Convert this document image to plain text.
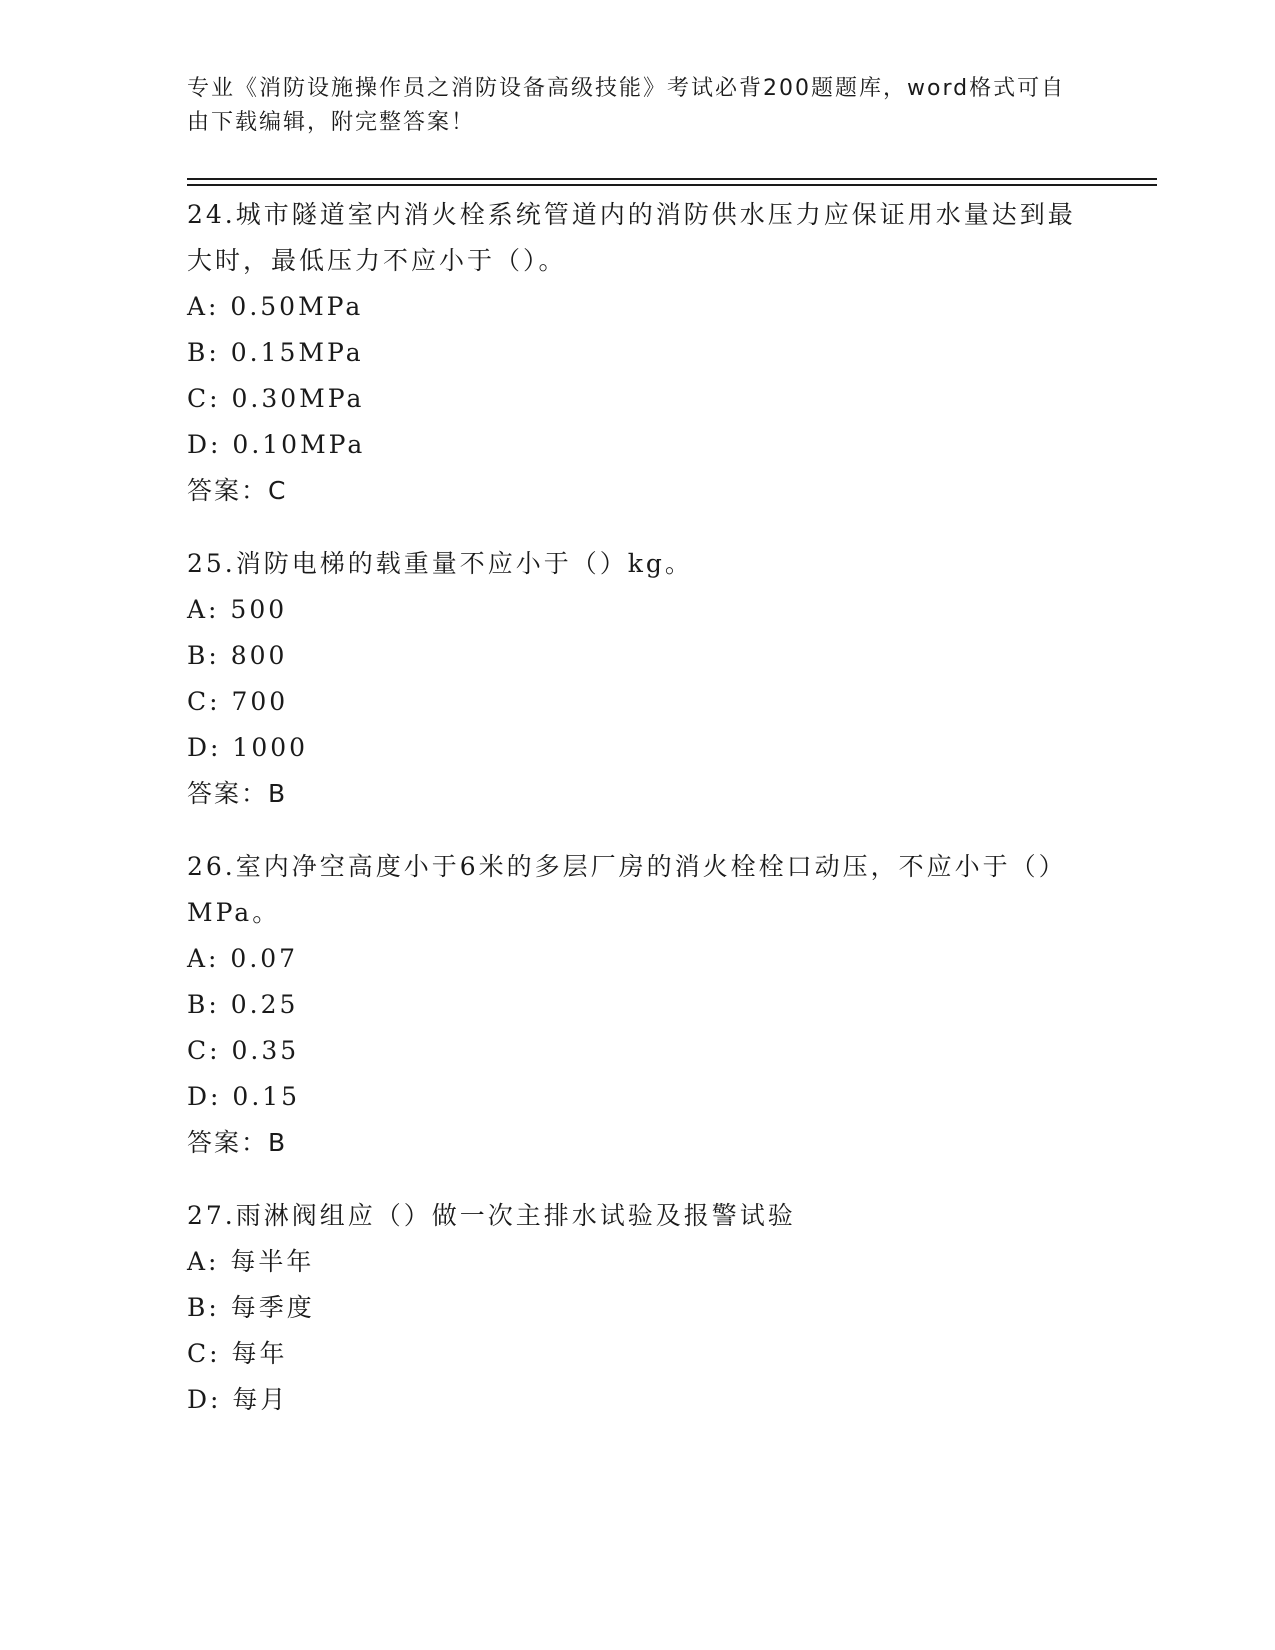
专业《消防设施操作员之消防设备高级技能》考试必背200题题库，word格式可自由下载编辑，附完整答案！

24.城市隧道室内消火栓系统管道内的消防供水压力应保证用水量达到最大时，最低压力不应小于（）。

A: 0.50MPa

B: 0.15MPa

C: 0.30MPa

D: 0.10MPa

答案：C

25.消防电梯的载重量不应小于（）kg。

A: 500

B: 800

C: 700

D: 1000

答案：B

26.室内净空高度小于6米的多层厂房的消火栓栓口动压，不应小于（）MPa。

A: 0.07

B: 0.25

C: 0.35

D: 0.15

答案：B

27.雨淋阀组应（）做一次主排水试验及报警试验

A: 每半年

B: 每季度

C: 每年

D: 每月
